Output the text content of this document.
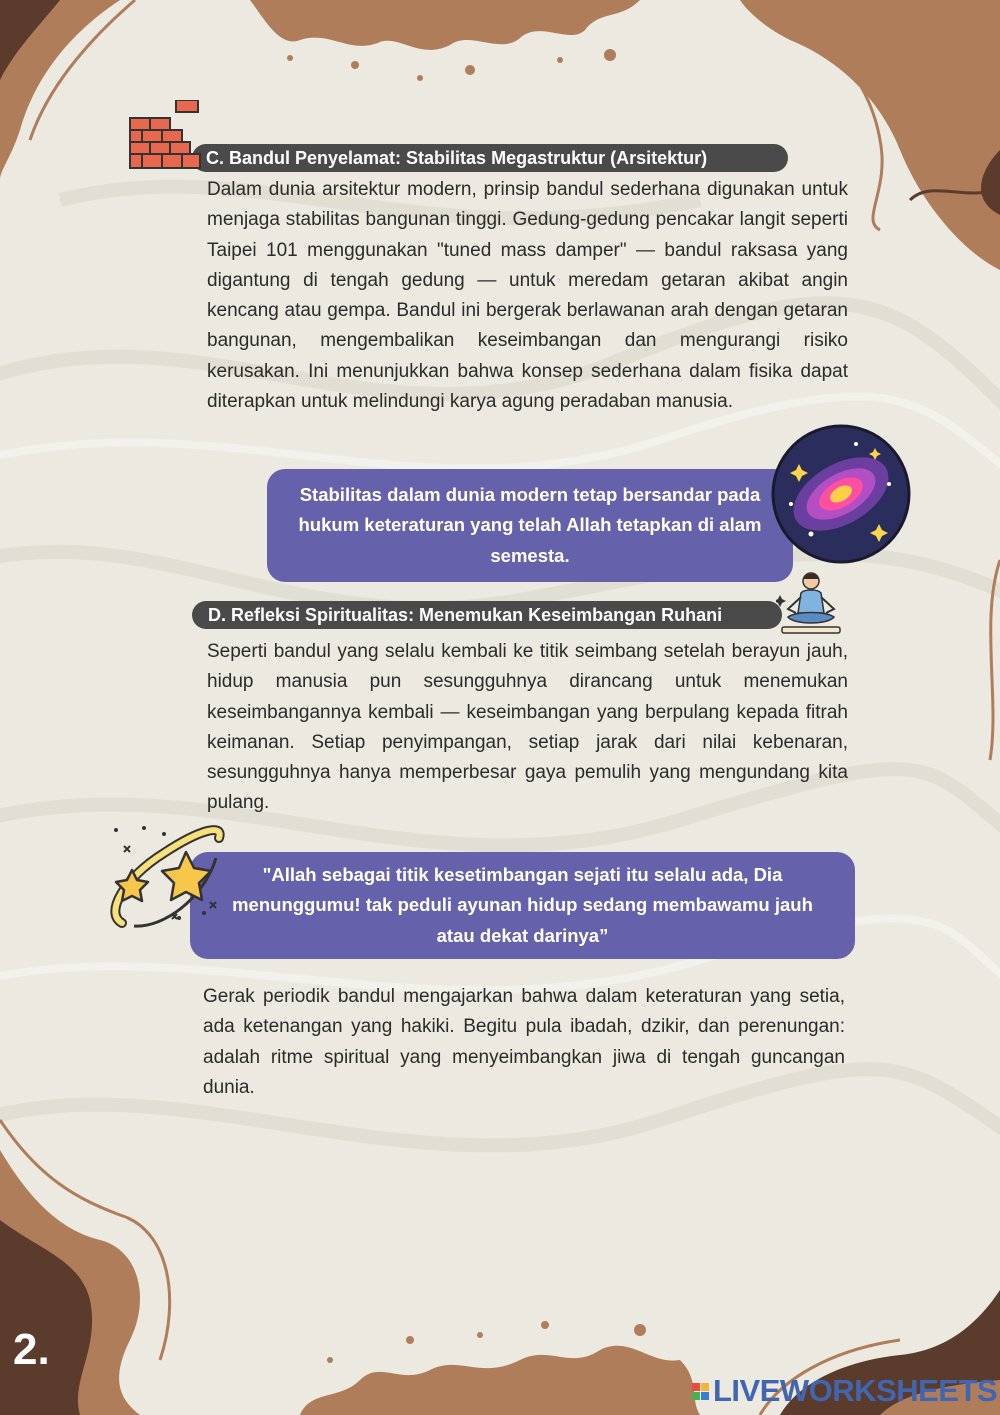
C. Bandul Penyelamat: Stabilitas Megastruktur (Arsitektur)

Dalam dunia arsitektur modern, prinsip bandul sederhana digunakan untuk menjaga stabilitas bangunan tinggi. Gedung-gedung pencakar langit seperti Taipei 101 menggunakan "tuned mass damper" — bandul raksasa yang digantung di tengah gedung — untuk meredam getaran akibat angin kencang atau gempa. Bandul ini bergerak berlawanan arah dengan getaran bangunan, mengembalikan keseimbangan dan mengurangi risiko kerusakan. Ini menunjukkan bahwa konsep sederhana dalam fisika dapat diterapkan untuk melindungi karya agung peradaban manusia.

Stabilitas dalam dunia modern tetap bersandar pada hukum keteraturan yang telah Allah tetapkan di alam semesta.
D. Refleksi Spiritualitas: Menemukan Keseimbangan Ruhani

Seperti bandul yang selalu kembali ke titik seimbang setelah berayun jauh, hidup manusia pun sesungguhnya dirancang untuk menemukan keseimbangannya kembali — keseimbangan yang berpulang kepada fitrah keimanan. Setiap penyimpangan, setiap jarak dari nilai kebenaran, sesungguhnya hanya memperbesar gaya pemulih yang mengundang kita pulang.

"Allah sebagai titik kesetimbangan sejati itu selalu ada, Dia menunggumu! tak peduli ayunan hidup sedang membawamu jauh atau dekat darinya”

Gerak periodik bandul mengajarkan bahwa dalam keteraturan yang setia, ada ketenangan yang hakiki. Begitu pula ibadah, dzikir, dan perenungan: adalah ritme spiritual yang menyeimbangkan jiwa di tengah guncangan dunia.

2.
LIVEWORKSHEETS
